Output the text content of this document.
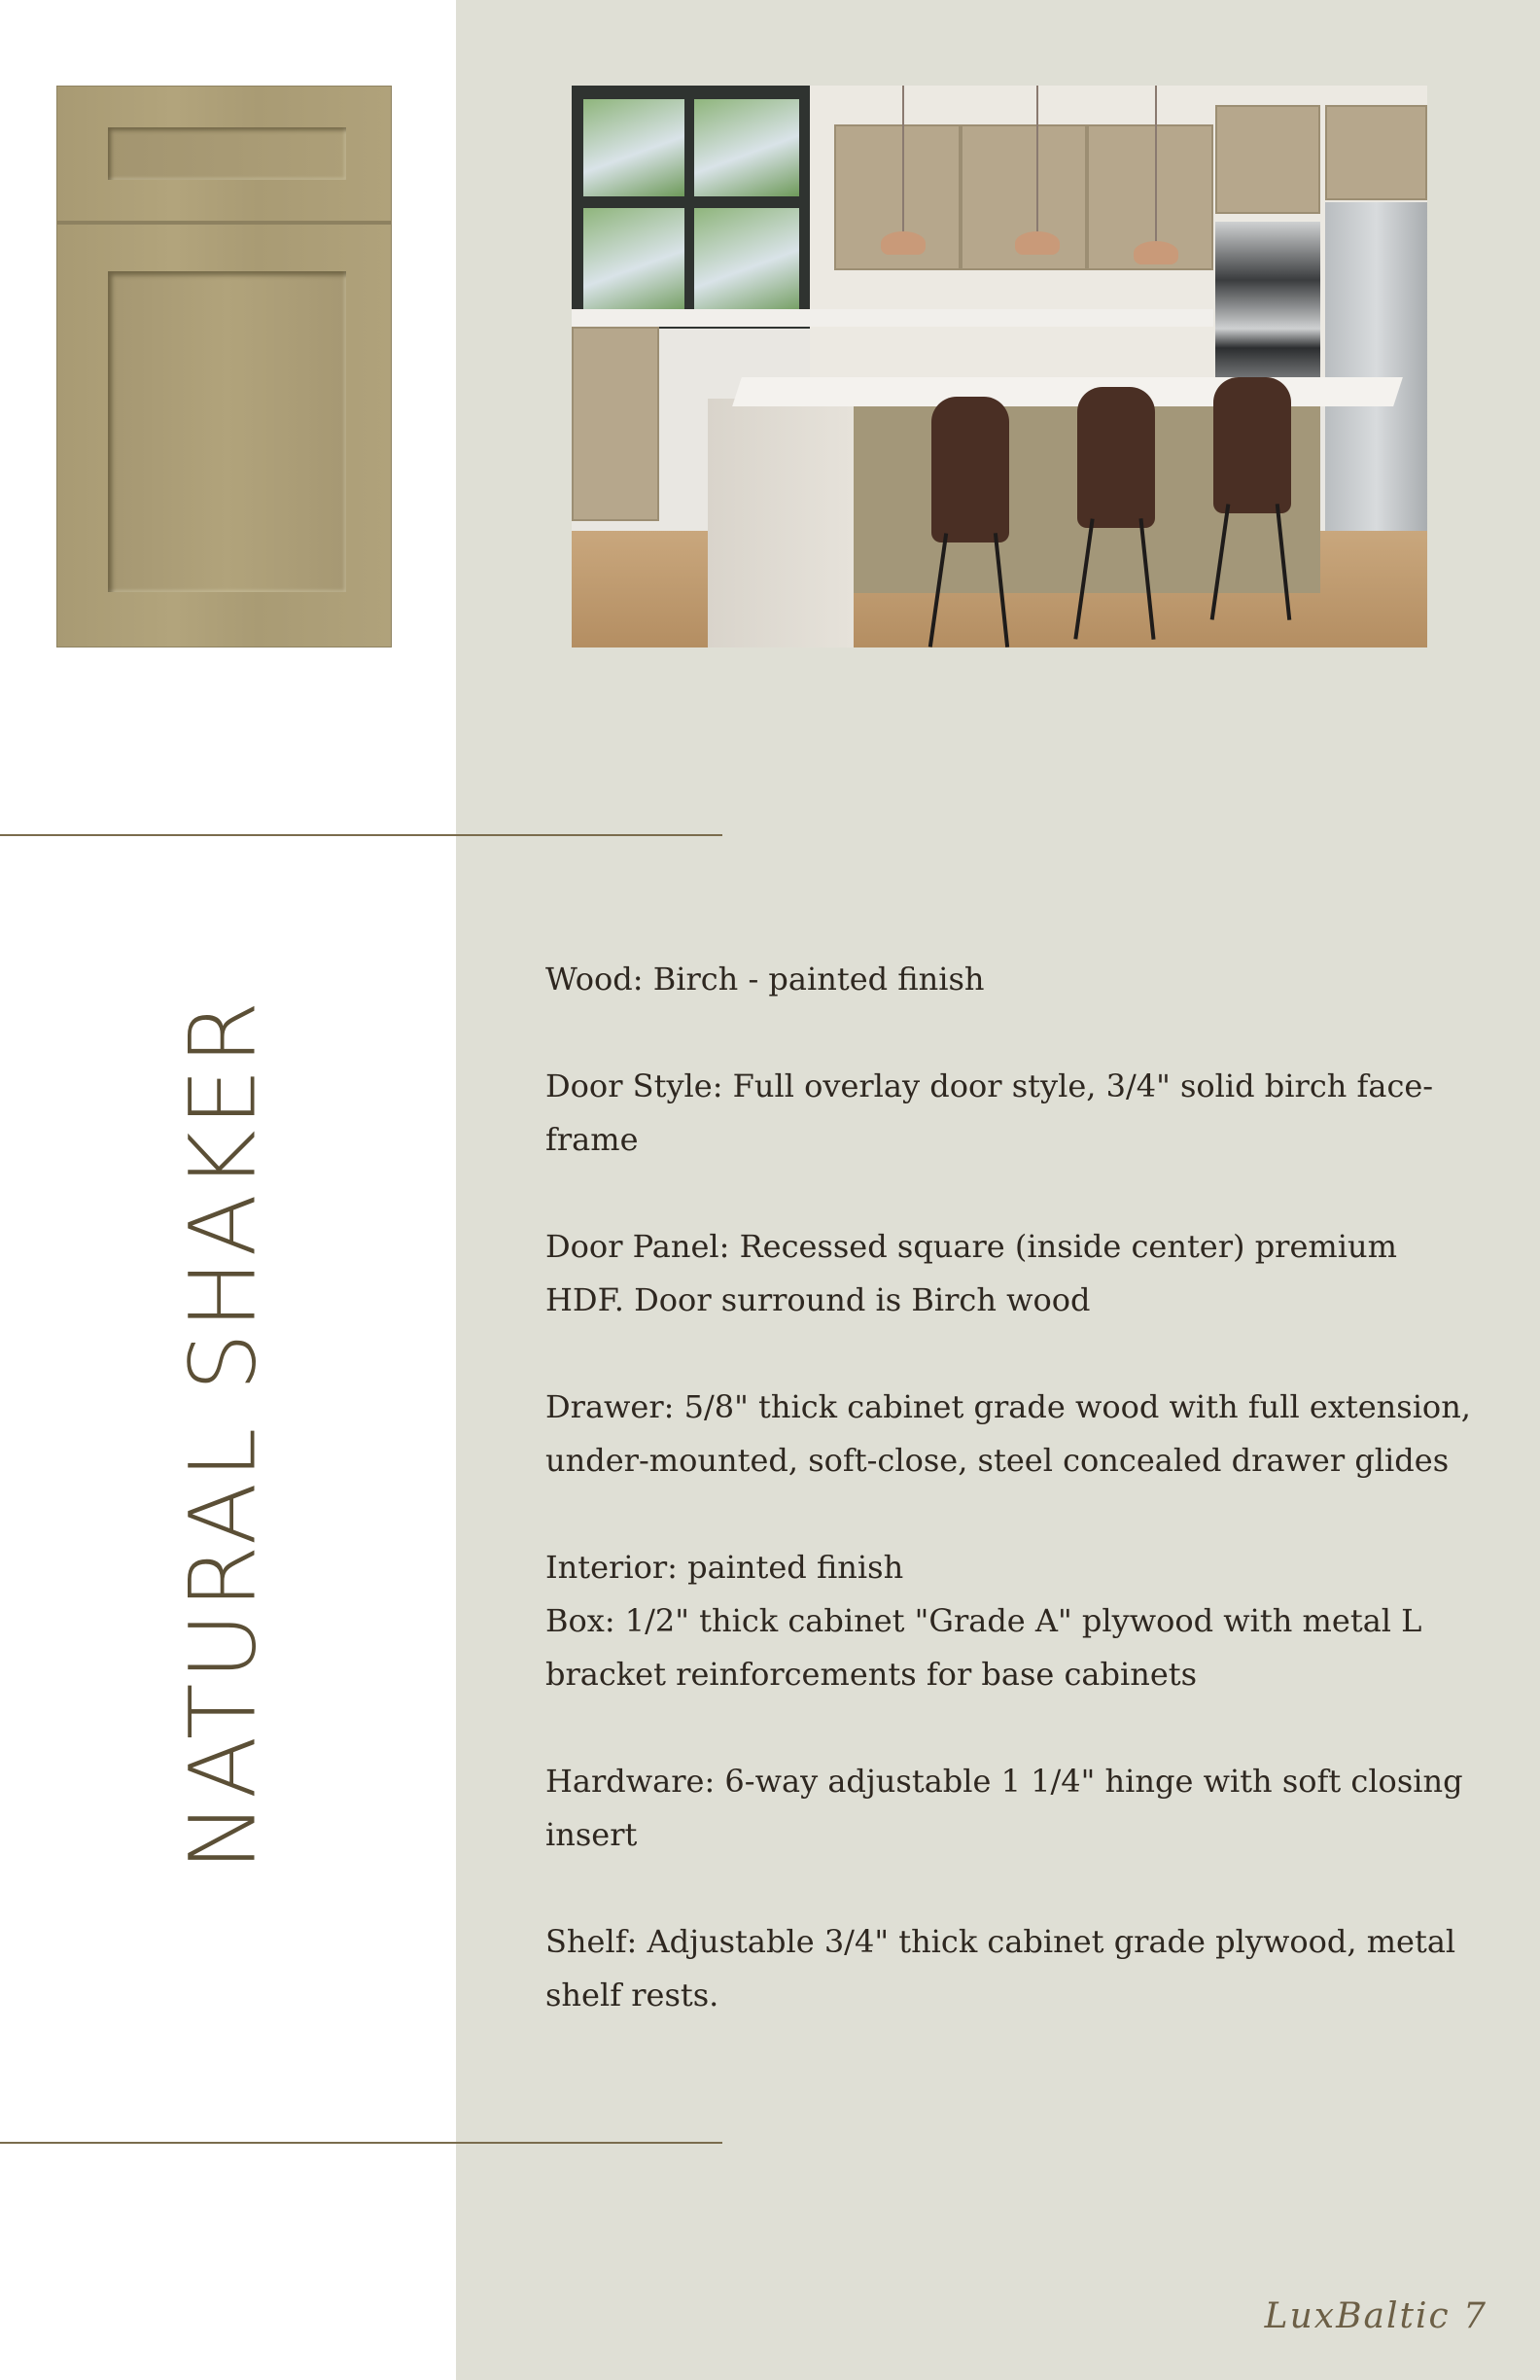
NATURAL SHAKER

Wood: Birch - painted finish

Door Style: Full overlay door style, 3/4" solid birch face-frame

Door Panel: Recessed square (inside center) premium HDF. Door surround is Birch wood

Drawer: 5/8" thick cabinet grade wood with full extension, under-mounted, soft-close, steel concealed drawer glides

Interior: painted finish

Box: 1/2" thick cabinet "Grade A" plywood with metal L bracket reinforcements for base cabinets

Hardware: 6-way adjustable 1 1/4" hinge with soft closing insert

Shelf: Adjustable 3/4" thick cabinet grade plywood, metal shelf rests.

LuxBaltic 7
